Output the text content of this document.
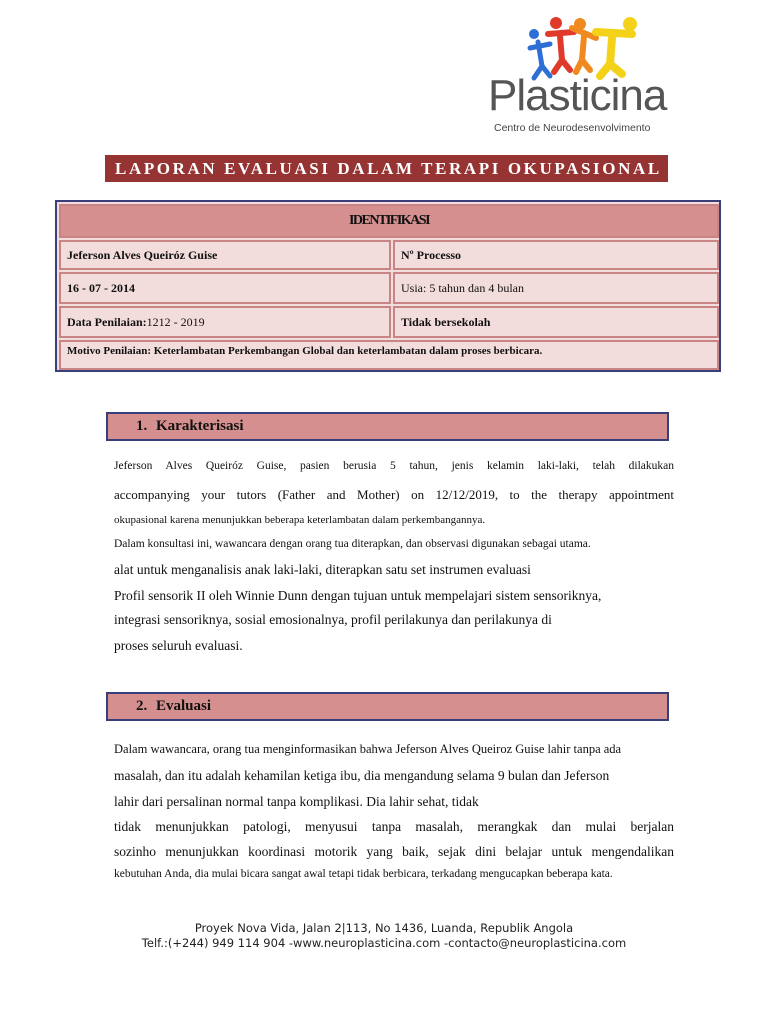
Plasticina
Centro de Neurodesenvolvimento
LAPORAN EVALUASI DALAM TERAPI OKUPASIONAL
IDENTIFIKASI
Jeferson Alves Queiróz Guise	Nº Processo
16 - 07 - 2014	Usia: 5 tahun dan 4 bulan
Data Penilaian:1212 - 2019	Tidak bersekolah
Motivo Penilaian: Keterlambatan Perkembangan Global dan keterlambatan dalam proses berbicara.
1. Karakterisasi
Jeferson Alves Queiróz Guise, pasien berusia 5 tahun, jenis kelamin laki-laki, telah dilakukan
accompanying your tutors (Father and Mother) on 12/12/2019, to the therapy appointment
okupasional karena menunjukkan beberapa keterlambatan dalam perkembangannya.
Dalam konsultasi ini, wawancara dengan orang tua diterapkan, dan observasi digunakan sebagai utama.
alat untuk menganalisis anak laki-laki, diterapkan satu set instrumen evaluasi
Profil sensorik II oleh Winnie Dunn dengan tujuan untuk mempelajari sistem sensoriknya,
integrasi sensoriknya, sosial emosionalnya, profil perilakunya dan perilakunya di
proses seluruh evaluasi.
2. Evaluasi
Dalam wawancara, orang tua menginformasikan bahwa Jeferson Alves Queiroz Guise lahir tanpa ada
masalah, dan itu adalah kehamilan ketiga ibu, dia mengandung selama 9 bulan dan Jeferson
lahir dari persalinan normal tanpa komplikasi. Dia lahir sehat, tidak
tidak menunjukkan patologi, menyusui tanpa masalah, merangkak dan mulai berjalan
sozinho menunjukkan koordinasi motorik yang baik, sejak dini belajar untuk mengendalikan
kebutuhan Anda, dia mulai bicara sangat awal tetapi tidak berbicara, terkadang mengucapkan beberapa kata.
Proyek Nova Vida, Jalan 2|113, No 1436, Luanda, Republik Angola
Telf.:(+244) 949 114 904 -www.neuroplasticina.com -contacto@neuroplasticina.com
